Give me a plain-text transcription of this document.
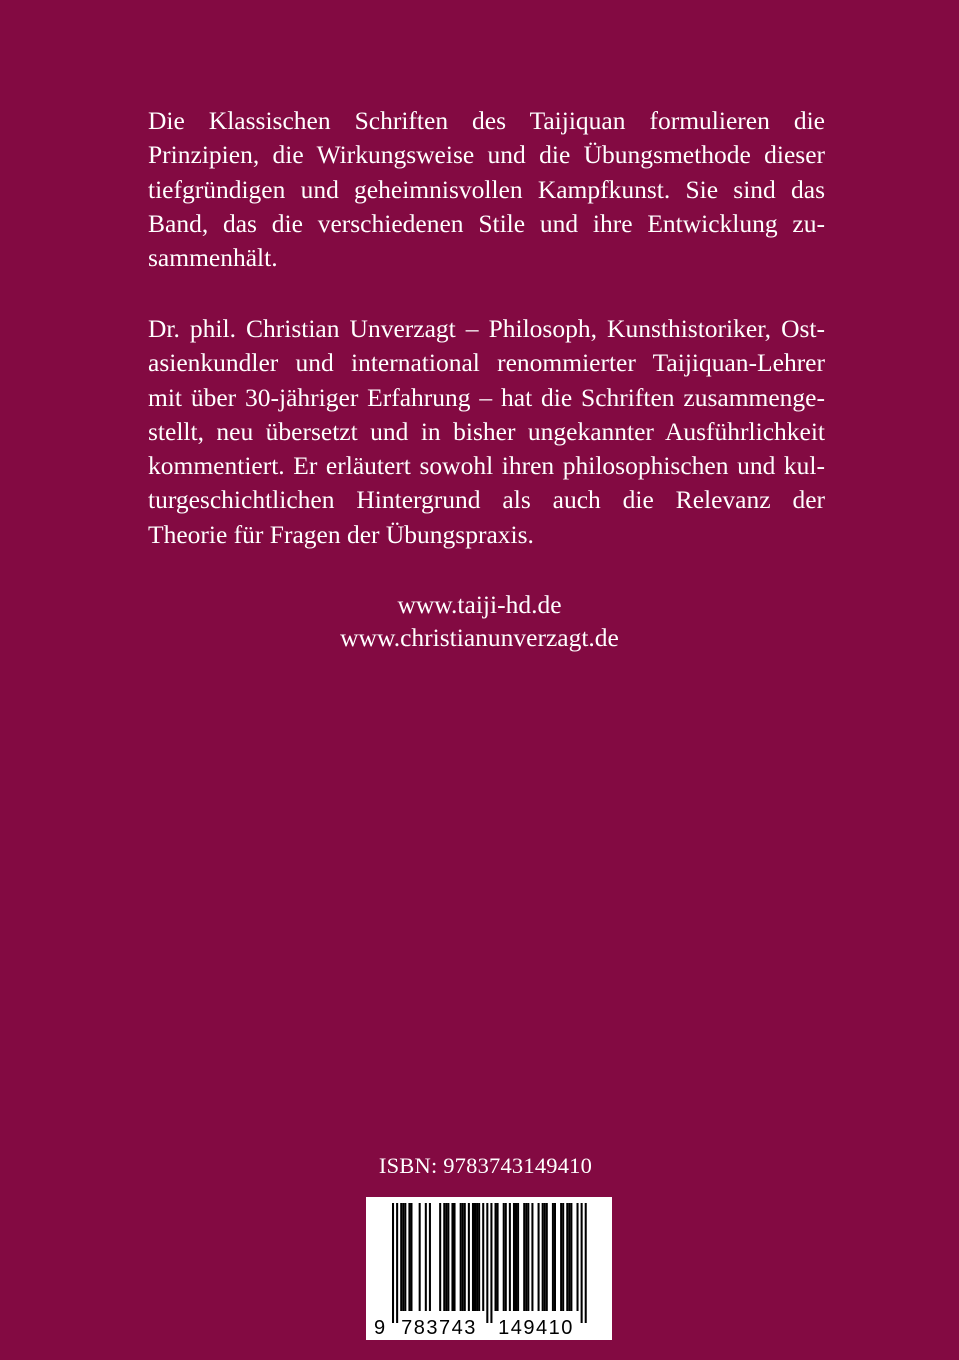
Die Klassischen Schriften des Taijiquan formulieren die
Prinzipien, die Wirkungsweise und die Übungsmethode dieser
tiefgründigen und geheimnisvollen Kampfkunst. Sie sind das
Band, das die verschiedenen Stile und ihre Entwicklung zu-
sammenhält.

Dr. phil. Christian Unverzagt – Philosoph, Kunsthistoriker, Ost-
asienkundler und international renommierter Taijiquan-Lehrer
mit über 30-jähriger Erfahrung – hat die Schriften zusammenge-
stellt, neu übersetzt und in bisher ungekannter Ausführlichkeit
kommentiert. Er erläutert sowohl ihren philosophischen und kul-
turgeschichtlichen Hintergrund als auch die Relevanz der
Theorie für Fragen der Übungspraxis.

www.taiji-hd.de
www.christianunverzagt.de
ISBN: 9783743149410
9 783743 149410
